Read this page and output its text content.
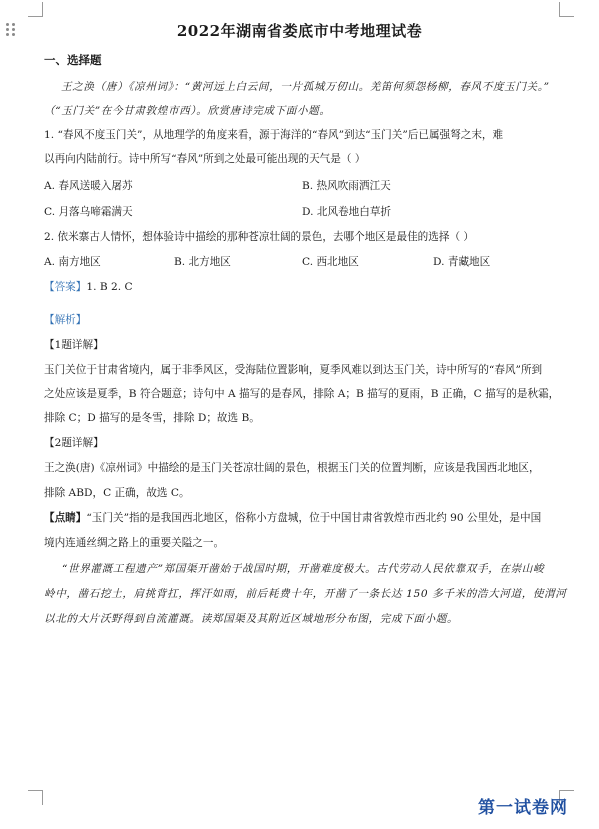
2022年湖南省娄底市中考地理试卷
一、选择题
王之涣（唐）《凉州词》：“黄河远上白云间，一片孤城万仞山。羌笛何须怨杨柳，春风不度玉门关。”
（“玉门关”在今甘肃敦煌市西）。欣赏唐诗完成下面小题。
1. “春风不度玉门关”，从地理学的角度来看，源于海洋的“春风”到达“玉门关”后已属强弩之末，难
以再向内陆前行。诗中所写“春风”所到之处最可能出现的天气是（ ）
A. 春风送暖入屠苏	B. 热风吹雨洒江天
C. 月落乌啼霜满天	D. 北风卷地白草折
2. 依米寨古人情怀，想体验诗中描绘的那种苍凉壮阔的景色，去哪个地区是最佳的选择（ ）
A. 南方地区	B. 北方地区	C. 西北地区	D. 青藏地区
【答案】1. B 2. C
【解析】
【1题详解】
玉门关位于甘肃省境内，属于非季风区，受海陆位置影响，夏季风难以到达玉门关，诗中所写的“春风”所到
之处应该是夏季，B 符合题意；诗句中 A 描写的是春风，排除 A；B 描写的夏雨，B 正确，C 描写的是秋霜，
排除 C；D 描写的是冬雪，排除 D；故选 B。
【2题详解】
王之涣(唐)《凉州词》中描绘的是玉门关苍凉壮阔的景色，根据玉门关的位置判断，应该是我国西北地区，
排除 ABD，C 正确，故选 C。
【点睛】“玉门关”指的是我国西北地区，俗称小方盘城，位于中国甘肃省敦煌市西北约 90 公里处，是中国
境内连通丝绸之路上的重要关隘之一。
“世界灌溉工程遗产”郑国渠开凿始于战国时期，开凿难度极大。古代劳动人民依靠双手，在崇山峻
岭中，凿石挖土，肩挑背扛，挥汗如雨，前后耗费十年，开凿了一条长达 150 多千米的浩大河道，使渭河
以北的大片沃野得到自流灌溉。读郑国渠及其附近区域地形分布图，完成下面小题。
第一试卷网
